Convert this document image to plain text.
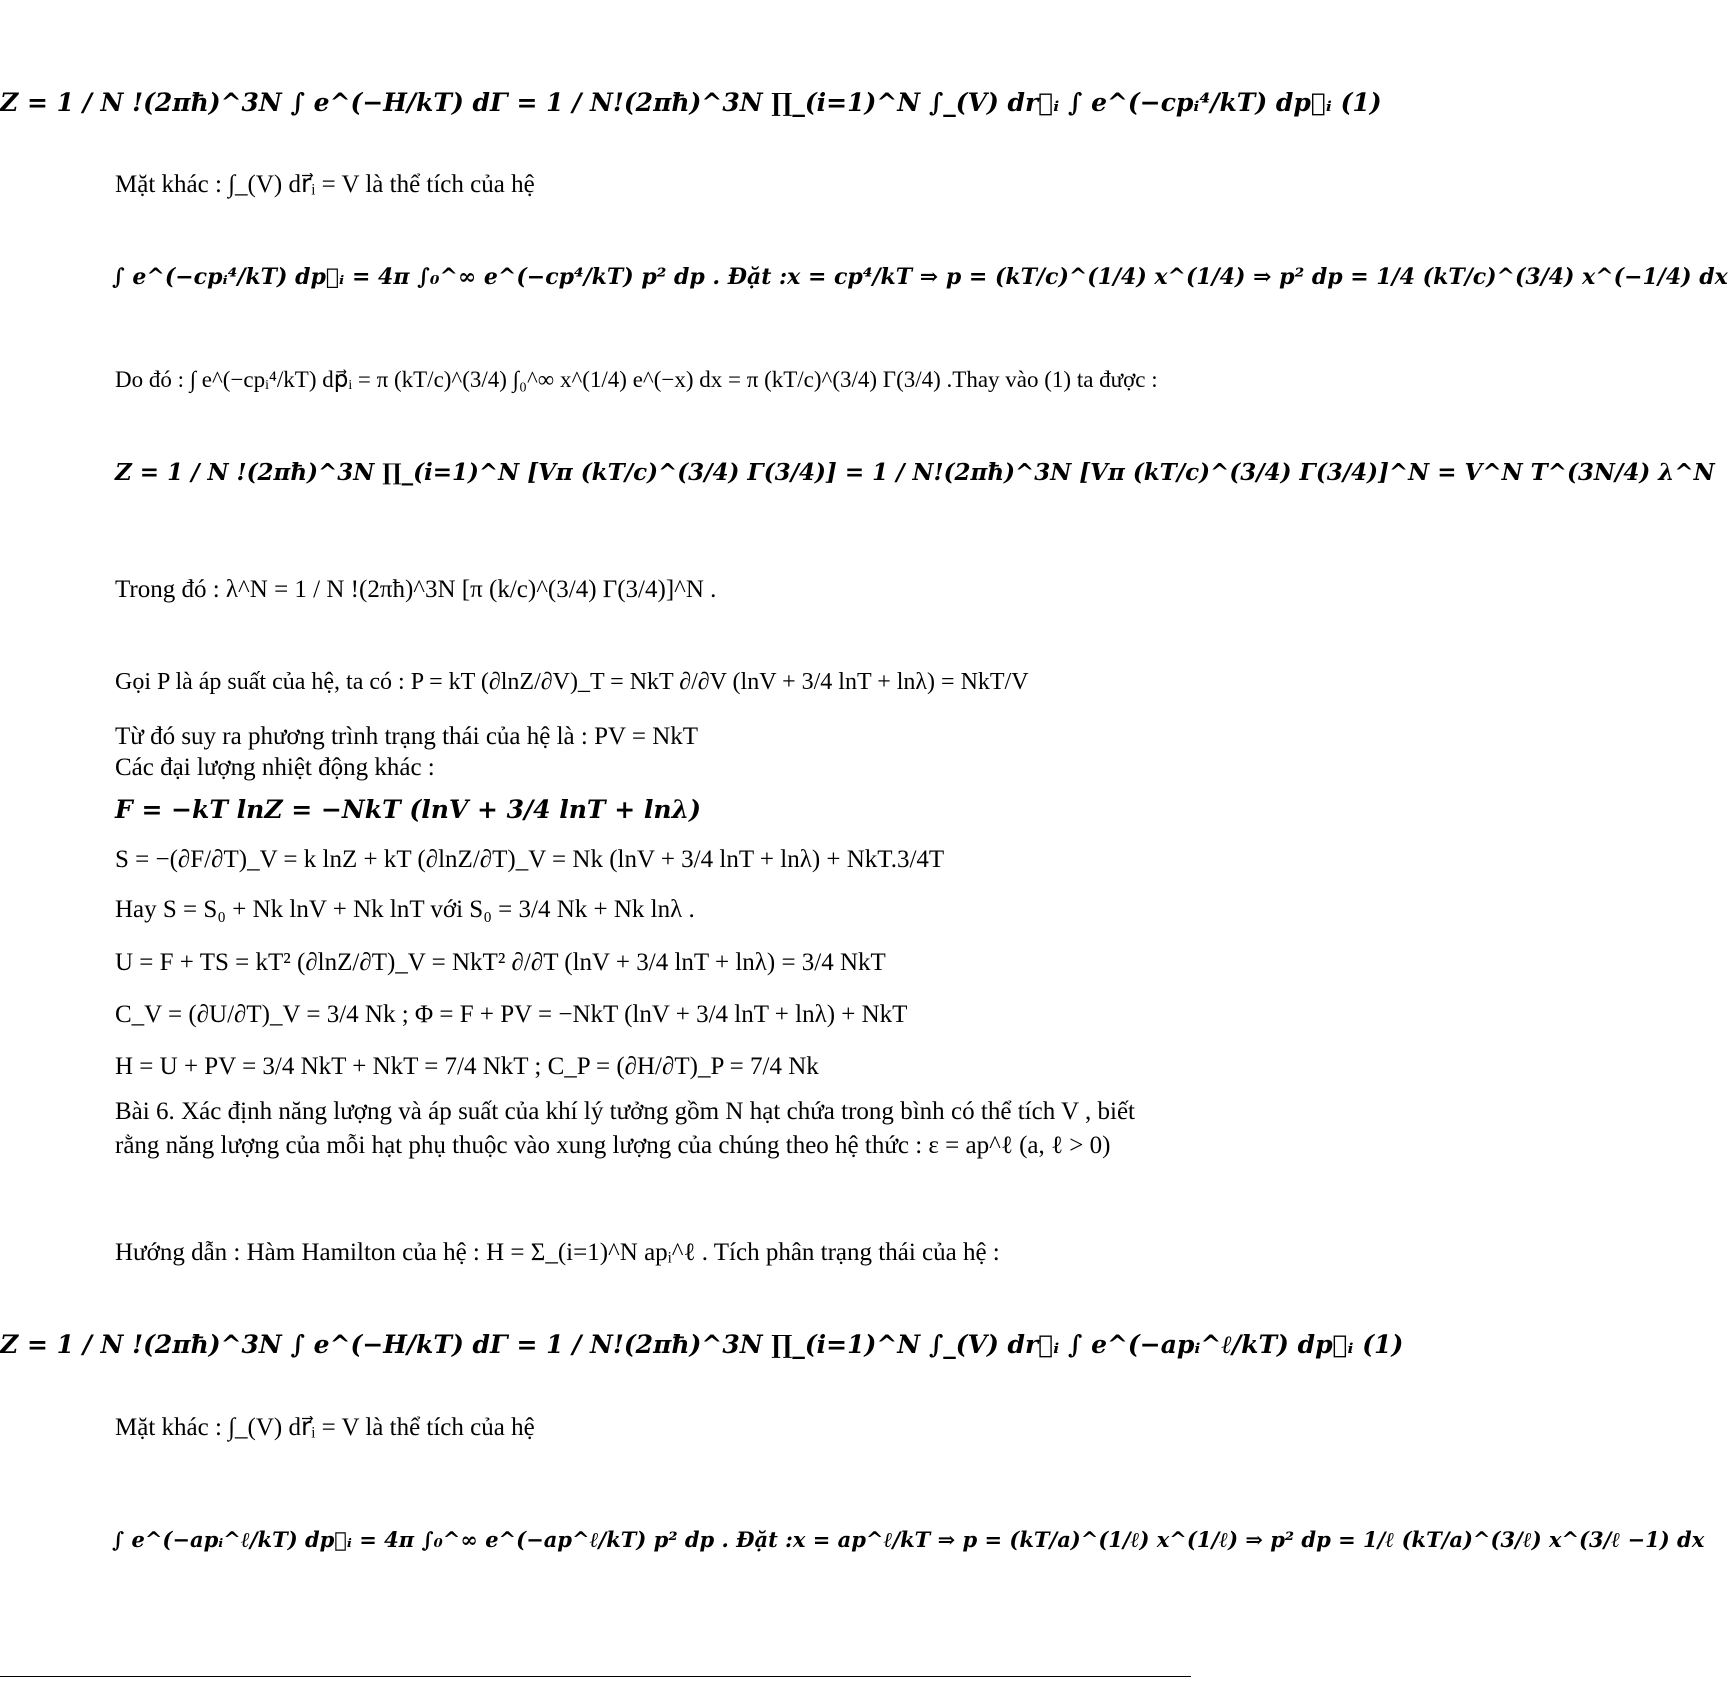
Z = 1 / N !(2πħ)^3N ∫ e^(−H/kT) dΓ = 1 / N!(2πħ)^3N ∏_(i=1)^N ∫_(V) dr⃗ᵢ ∫ e^(−cpᵢ⁴/kT) dp⃗ᵢ (1)
Mặt khác : ∫_(V) dr⃗ᵢ = V là thể tích của hệ
∫ e^(−cpᵢ⁴/kT) dp⃗ᵢ = 4π ∫₀^∞ e^(−cp⁴/kT) p² dp . Đặt :x = cp⁴/kT ⇒ p = (kT/c)^(1/4) x^(1/4) ⇒ p² dp = 1/4 (kT/c)^(3/4) x^(−1/4) dx
Do đó : ∫ e^(−cpᵢ⁴/kT) dp⃗ᵢ = π (kT/c)^(3/4) ∫₀^∞ x^(1/4) e^(−x) dx = π (kT/c)^(3/4) Γ(3/4) .Thay vào (1) ta được :
Z = 1 / N !(2πħ)^3N ∏_(i=1)^N [Vπ (kT/c)^(3/4) Γ(3/4)] = 1 / N!(2πħ)^3N [Vπ (kT/c)^(3/4) Γ(3/4)]^N = V^N T^(3N/4) λ^N
Trong đó : λ^N = 1 / N !(2πħ)^3N [π (k/c)^(3/4) Γ(3/4)]^N .
Gọi P là áp suất của hệ, ta có : P = kT (∂lnZ/∂V)_T = NkT ∂/∂V (lnV + 3/4 lnT + lnλ) = NkT/V
Từ đó suy ra phương trình trạng thái của hệ là : PV = NkT
Các đại lượng nhiệt động khác :
F = −kT lnZ = −NkT (lnV + 3/4 lnT + lnλ)
S = −(∂F/∂T)_V = k lnZ + kT (∂lnZ/∂T)_V = Nk (lnV + 3/4 lnT + lnλ) + NkT.3/4T
Hay S = S₀ + Nk lnV + Nk lnT với S₀ = 3/4 Nk + Nk lnλ .
U = F + TS = kT² (∂lnZ/∂T)_V = NkT² ∂/∂T (lnV + 3/4 lnT + lnλ) = 3/4 NkT
C_V = (∂U/∂T)_V = 3/4 Nk ; Φ = F + PV = −NkT (lnV + 3/4 lnT + lnλ) + NkT
H = U + PV = 3/4 NkT + NkT = 7/4 NkT ; C_P = (∂H/∂T)_P = 7/4 Nk
Bài 6. Xác định năng lượng và áp suất của khí lý tưởng gồm N hạt chứa trong bình có thể tích V , biết rằng năng lượng của mỗi hạt phụ thuộc vào xung lượng của chúng theo hệ thức : ε = ap^ℓ (a, ℓ > 0)
Hướng dẫn : Hàm Hamilton của hệ : H = Σ_(i=1)^N apᵢ^ℓ . Tích phân trạng thái của hệ :
Z = 1 / N !(2πħ)^3N ∫ e^(−H/kT) dΓ = 1 / N!(2πħ)^3N ∏_(i=1)^N ∫_(V) dr⃗ᵢ ∫ e^(−apᵢ^ℓ/kT) dp⃗ᵢ (1)
Mặt khác : ∫_(V) dr⃗ᵢ = V là thể tích của hệ
∫ e^(−apᵢ^ℓ/kT) dp⃗ᵢ = 4π ∫₀^∞ e^(−ap^ℓ/kT) p² dp . Đặt :x = ap^ℓ/kT ⇒ p = (kT/a)^(1/ℓ) x^(1/ℓ) ⇒ p² dp = 1/ℓ (kT/a)^(3/ℓ) x^(3/ℓ −1) dx
